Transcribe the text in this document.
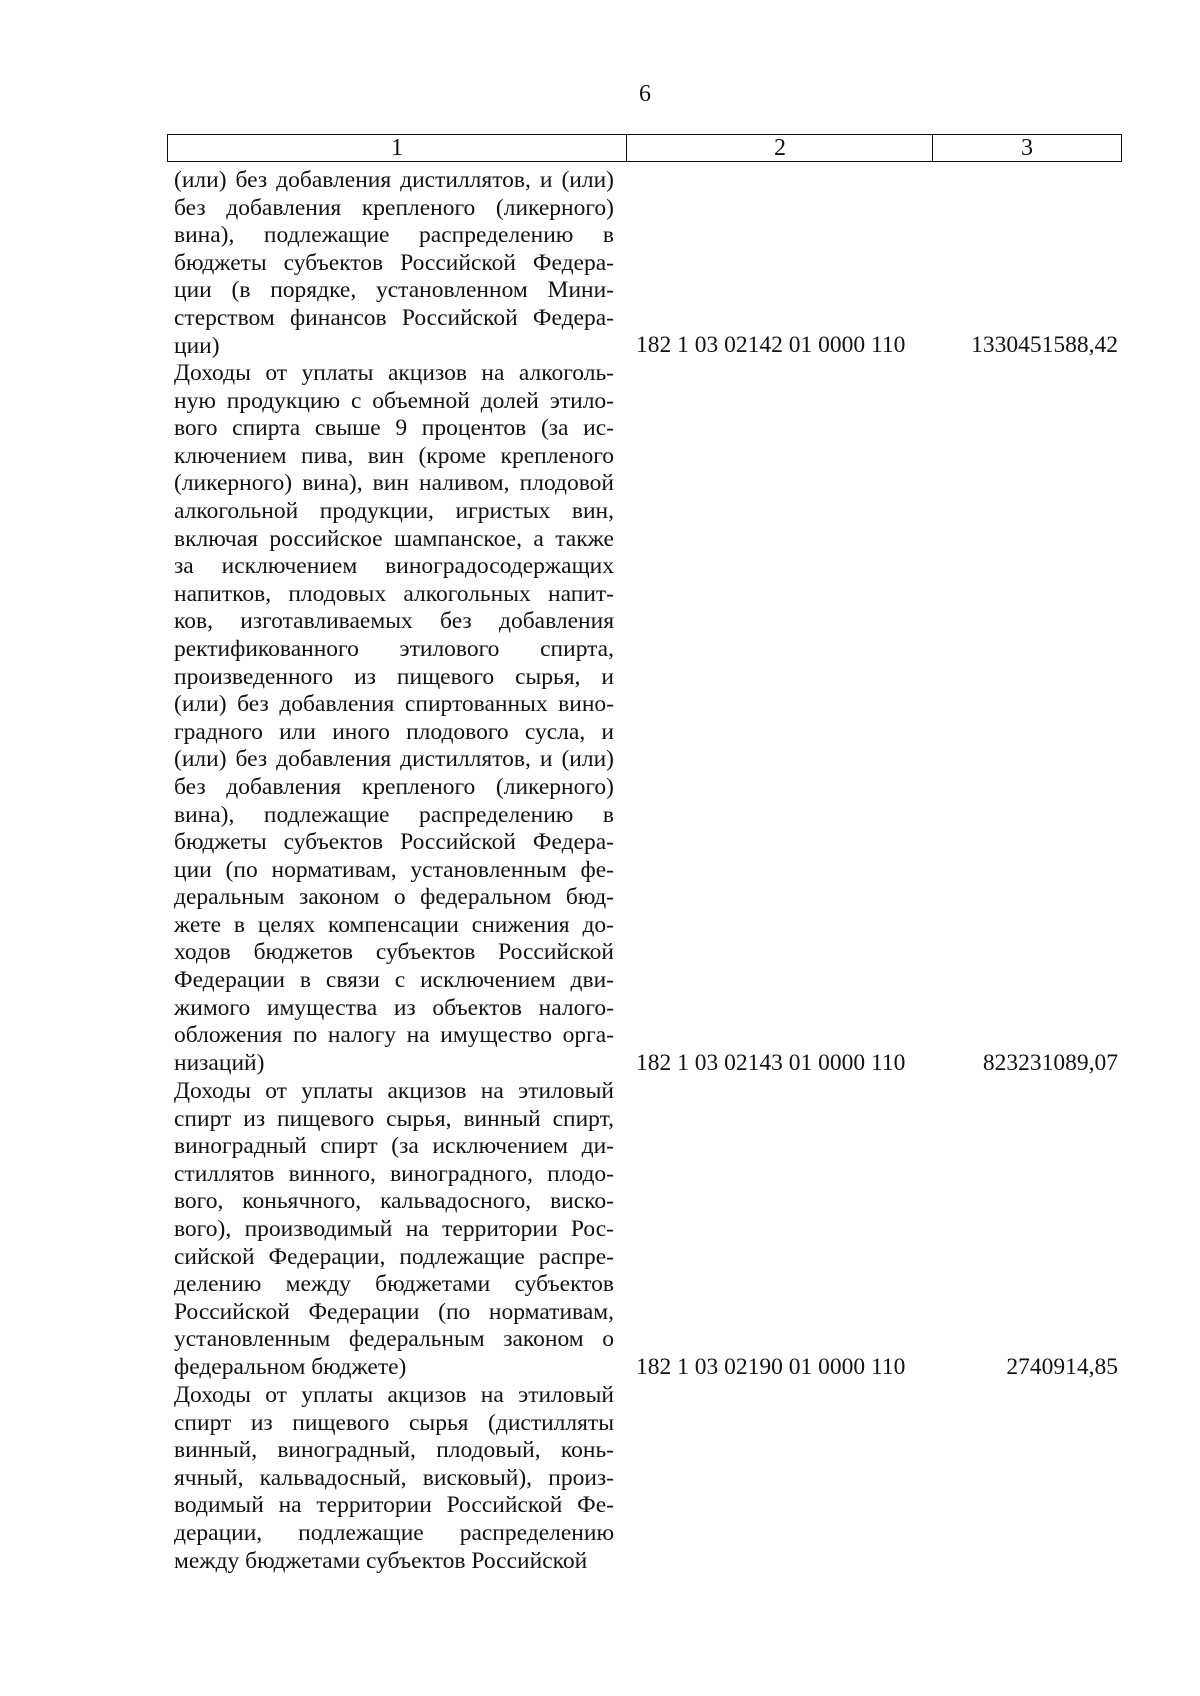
6
1	2	3

(или) без добавления дистиллятов, и (или)
без добавления крепленого (ликерного)
вина), подлежащие распределению в
бюджеты субъектов Российской Федера-
ции (в порядке, установленном Мини-
стерством финансов Российской Федера-
ции)	182 1 03 02142 01 0000 110	1330451588,42

Доходы от уплаты акцизов на алкоголь-
ную продукцию с объемной долей этило-
вого спирта свыше 9 процентов (за ис-
ключением пива, вин (кроме крепленого
(ликерного) вина), вин наливом, плодовой
алкогольной продукции, игристых вин,
включая российское шампанское, а также
за исключением виноградосодержащих
напитков, плодовых алкогольных напит-
ков, изготавливаемых без добавления
ректификованного этилового спирта,
произведенного из пищевого сырья, и
(или) без добавления спиртованных вино-
градного или иного плодового сусла, и
(или) без добавления дистиллятов, и (или)
без добавления крепленого (ликерного)
вина), подлежащие распределению в
бюджеты субъектов Российской Федера-
ции (по нормативам, установленным фе-
деральным законом о федеральном бюд-
жете в целях компенсации снижения до-
ходов бюджетов субъектов Российской
Федерации в связи с исключением дви-
жимого имущества из объектов налого-
обложения по налогу на имущество орга-
низаций)	182 1 03 02143 01 0000 110	823231089,07

Доходы от уплаты акцизов на этиловый
спирт из пищевого сырья, винный спирт,
виноградный спирт (за исключением ди-
стиллятов винного, виноградного, плодо-
вого, коньячного, кальвадосного, виско-
вого), производимый на территории Рос-
сийской Федерации, подлежащие распре-
делению между бюджетами субъектов
Российской Федерации (по нормативам,
установленным федеральным законом о
федеральном бюджете)	182 1 03 02190 01 0000 110	2740914,85

Доходы от уплаты акцизов на этиловый
спирт из пищевого сырья (дистилляты
винный, виноградный, плодовый, конь-
ячный, кальвадосный, висковый), произ-
водимый на территории Российской Фе-
дерации, подлежащие распределению
между бюджетами субъектов Российской
